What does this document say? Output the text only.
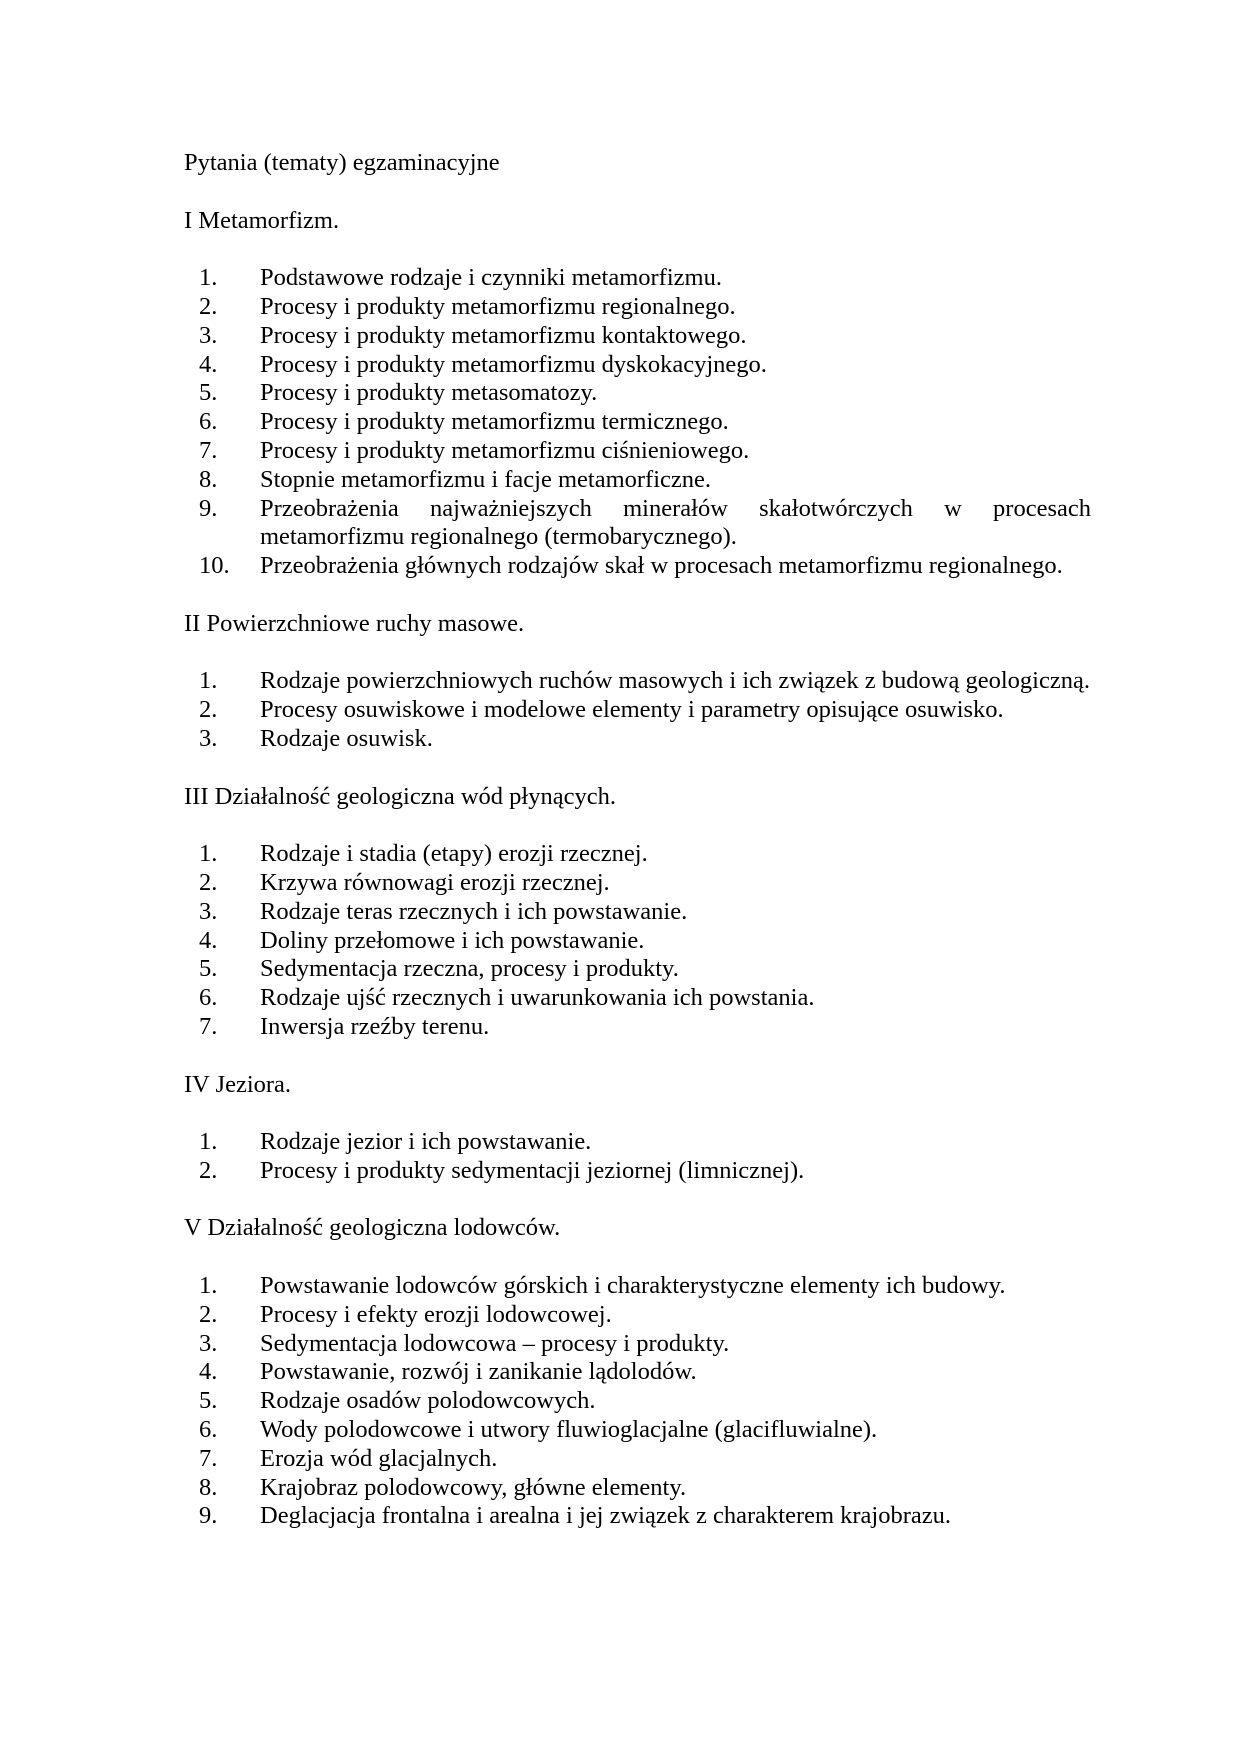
Pytania (tematy) egzaminacyjne

I Metamorfizm.

1. Podstawowe rodzaje i czynniki metamorfizmu.
2. Procesy i produkty metamorfizmu regionalnego.
3. Procesy i produkty metamorfizmu kontaktowego.
4. Procesy i produkty metamorfizmu dyskokacyjnego.
5. Procesy i produkty metasomatozy.
6. Procesy i produkty metamorfizmu termicznego.
7. Procesy i produkty metamorfizmu ciśnieniowego.
8. Stopnie metamorfizmu i facje metamorficzne.
9. Przeobrażenia najważniejszych minerałów skałotwórczych w procesach metamorfizmu regionalnego (termobarycznego).
10. Przeobrażenia głównych rodzajów skał w procesach metamorfizmu regionalnego.

II Powierzchniowe ruchy masowe.

1. Rodzaje powierzchniowych ruchów masowych i ich związek z budową geologiczną.
2. Procesy osuwiskowe i modelowe elementy i parametry opisujące osuwisko.
3. Rodzaje osuwisk.

III Działalność geologiczna wód płynących.

1. Rodzaje i stadia (etapy) erozji rzecznej.
2. Krzywa równowagi erozji rzecznej.
3. Rodzaje teras rzecznych i ich powstawanie.
4. Doliny przełomowe i ich powstawanie.
5. Sedymentacja rzeczna, procesy i produkty.
6. Rodzaje ujść rzecznych i uwarunkowania ich powstania.
7. Inwersja rzeźby terenu.

IV Jeziora.

1. Rodzaje jezior i ich powstawanie.
2. Procesy i produkty sedymentacji jeziornej (limnicznej).

V Działalność geologiczna lodowców.

1. Powstawanie lodowców górskich i charakterystyczne elementy ich budowy.
2. Procesy i efekty erozji lodowcowej.
3. Sedymentacja lodowcowa – procesy i produkty.
4. Powstawanie, rozwój i zanikanie lądolodów.
5. Rodzaje osadów polodowcowych.
6. Wody polodowcowe i utwory fluwioglacjalne (glacifluwialne).
7. Erozja wód glacjalnych.
8. Krajobraz polodowcowy, główne elementy.
9. Deglacjacja frontalna i arealna i jej związek z charakterem krajobrazu.
